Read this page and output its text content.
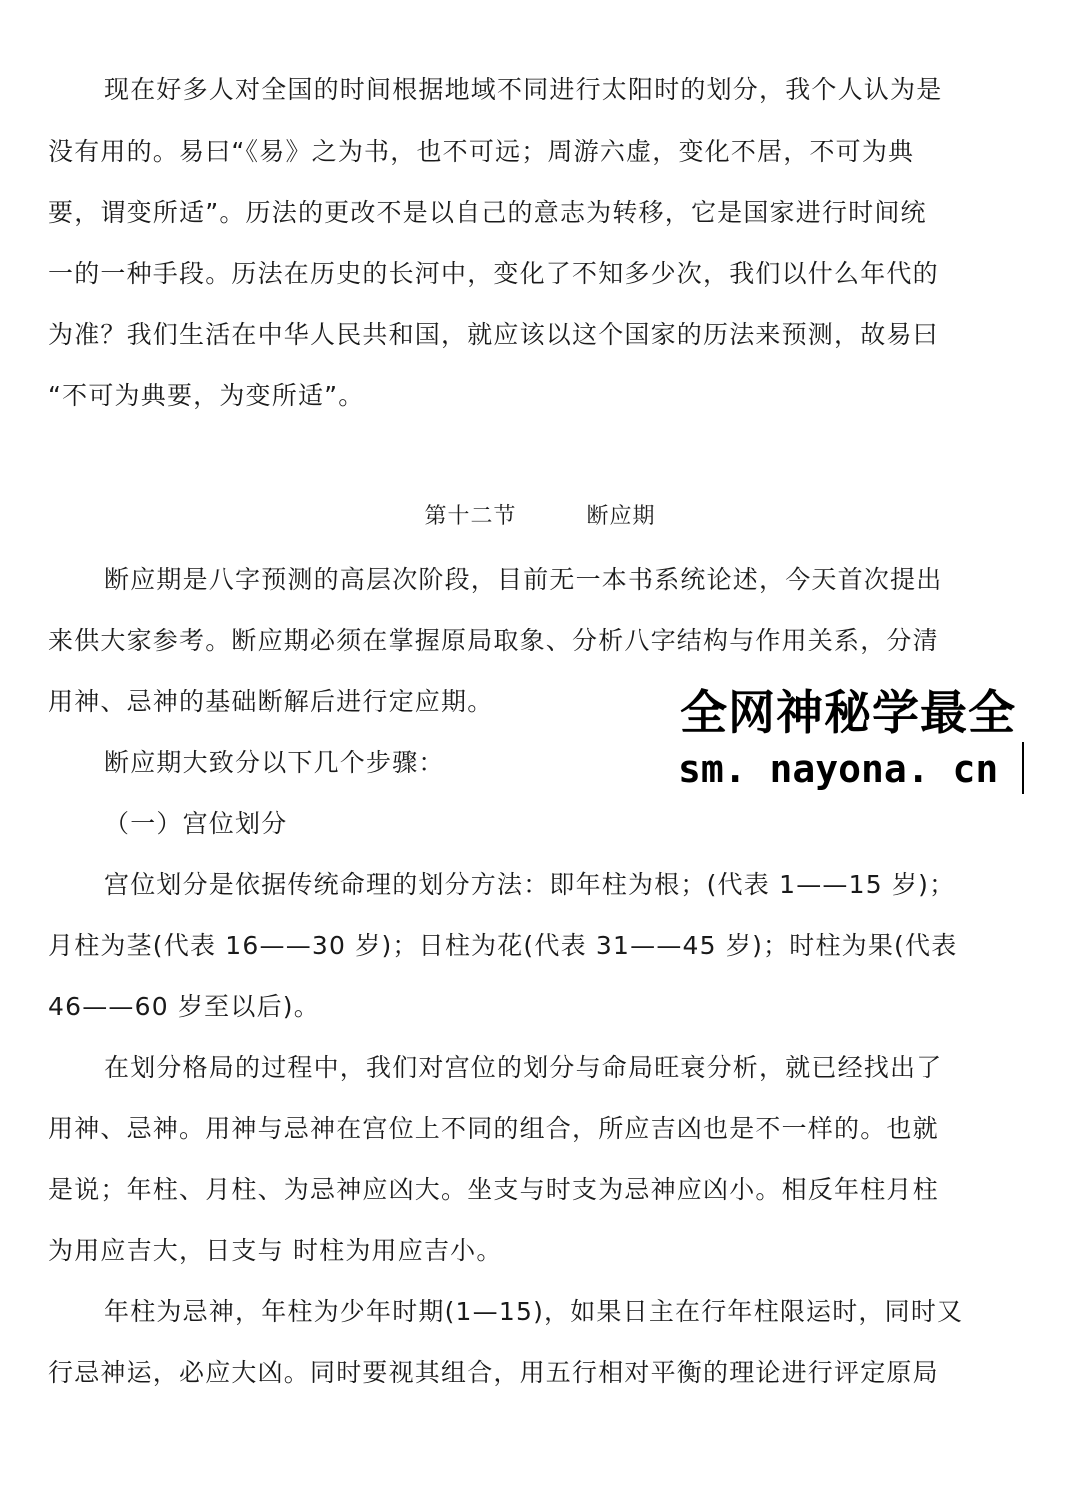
现在好多人对全国的时间根据地域不同进行太阳时的划分，我个人认为是
没有用的。易曰“《易》之为书，也不可远；周游六虚，变化不居，不可为典
要，谓变所适”。历法的更改不是以自己的意志为转移，它是国家进行时间统
一的一种手段。历法在历史的长河中，变化了不知多少次，我们以什么年代的
为准？我们生活在中华人民共和国，就应该以这个国家的历法来预测，故易曰
“不可为典要，为变所适”。
第十二节	断应期
断应期是八字预测的高层次阶段，目前无一本书系统论述，今天首次提出
来供大家参考。断应期必须在掌握原局取象、分析八字结构与作用关系，分清
用神、忌神的基础断解后进行定应期。
断应期大致分以下几个步骤：
（一）宫位划分
宫位划分是依据传统命理的划分方法：即年柱为根；(代表 1——15 岁)；
月柱为茎(代表 16——30 岁)；日柱为花(代表 31——45 岁)；时柱为果(代表
46——60 岁至以后)。
在划分格局的过程中，我们对宫位的划分与命局旺衰分析，就已经找出了
用神、忌神。用神与忌神在宫位上不同的组合，所应吉凶也是不一样的。也就
是说；年柱、月柱、为忌神应凶大。坐支与时支为忌神应凶小。相反年柱月柱
为用应吉大，日支与 时柱为用应吉小。
年柱为忌神，年柱为少年时期(1—15)，如果日主在行年柱限运时，同时又
行忌神运，必应大凶。同时要视其组合，用五行相对平衡的理论进行评定原局
全网神秘学最全
sm. nayona. cn
